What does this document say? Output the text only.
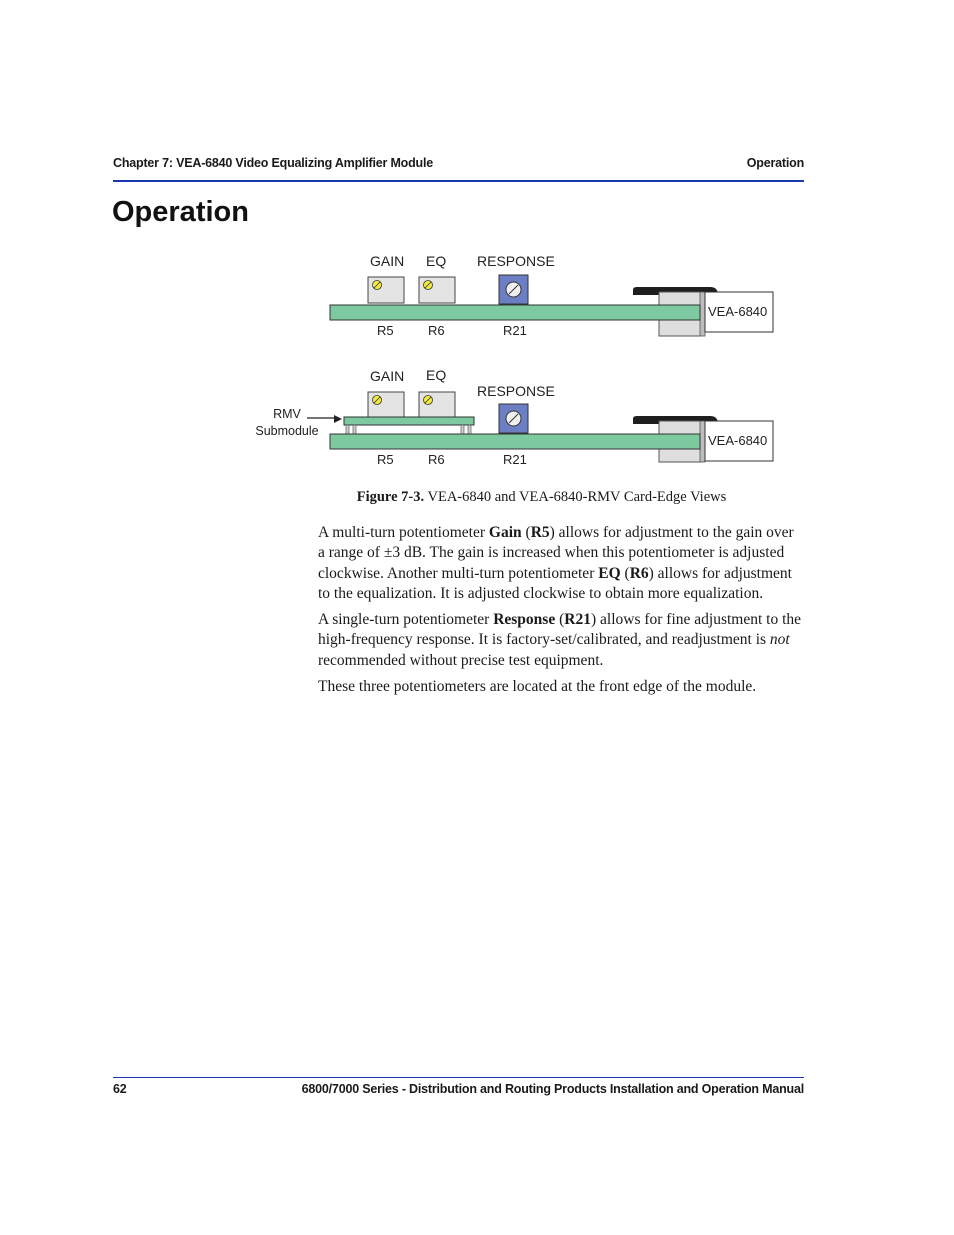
Chapter 7: VEA-6840 Video Equalizing Amplifier Module	Operation
Operation
GAIN EQ RESPONSE
VEA-6840
R5	R6	R21
GAIN EQ
RESPONSE
RMV
Submodule
VEA-6840
R5	R6	R21
Figure 7-3. VEA-6840 and VEA-6840-RMV Card-Edge Views

A multi-turn potentiometer Gain (R5) allows for adjustment to the gain over a range of ±3 dB. The gain is increased when this potentiometer is adjusted clockwise. Another multi-turn potentiometer EQ (R6) allows for adjustment to the equalization. It is adjusted clockwise to obtain more equalization.

A single-turn potentiometer Response (R21) allows for fine adjustment to the high-frequency response. It is factory-set/calibrated, and readjustment is not recommended without precise test equipment.

These three potentiometers are located at the front edge of the module.

62	6800/7000 Series - Distribution and Routing Products Installation and Operation Manual
